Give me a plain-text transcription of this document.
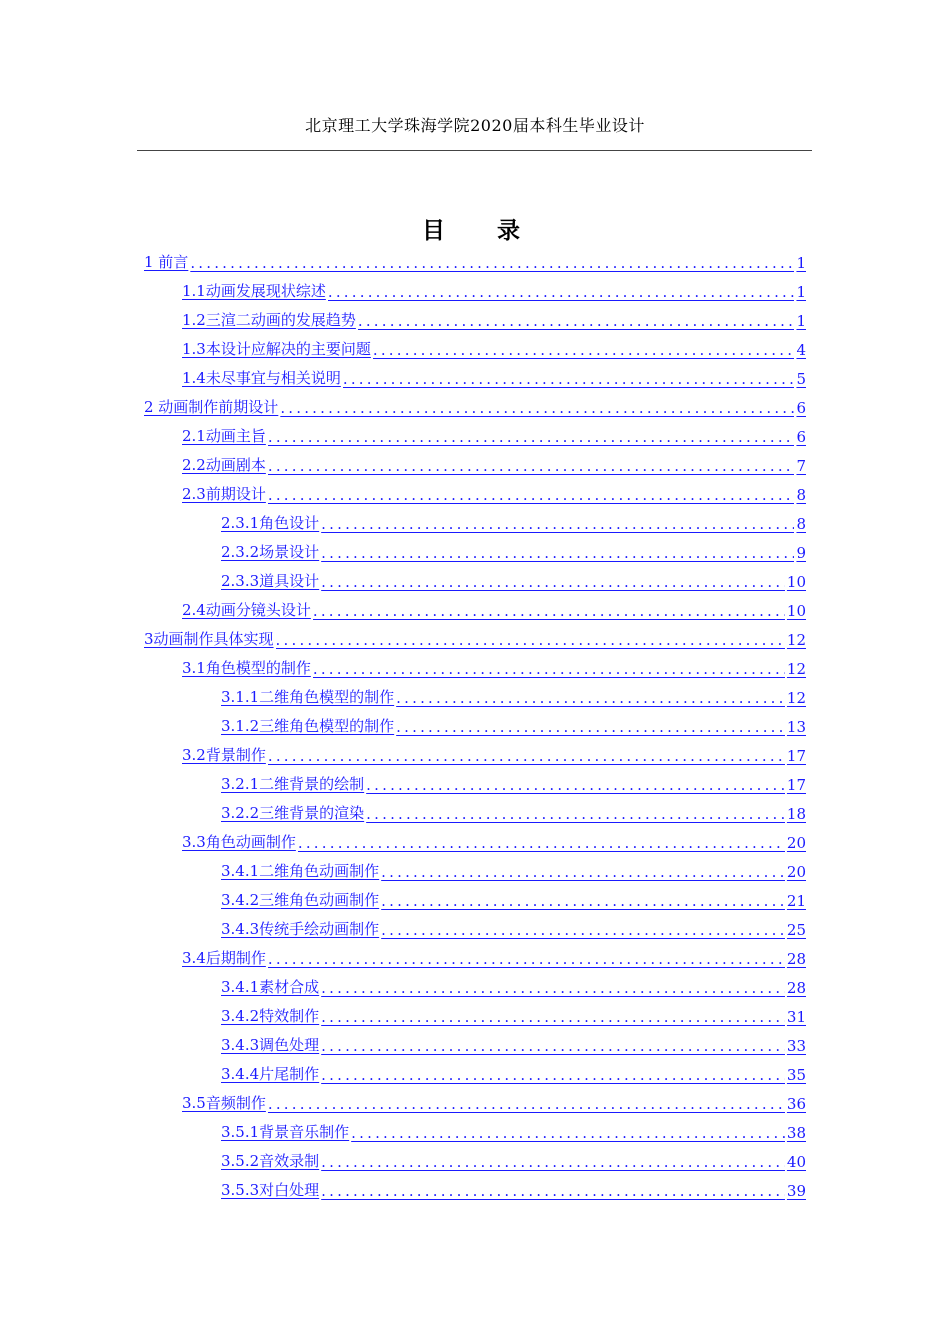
北京理工大学珠海学院2020届本科生毕业设计
目 录
1 前言 .....	1
1.1动画发展现状综述 .....	1
1.2三渲二动画的发展趋势 .....	1
1.3本设计应解决的主要问题 .....	4
1.4未尽事宜与相关说明 .....	5
2 动画制作前期设计 .....	6
2.1动画主旨 .....	6
2.2动画剧本 .....	7
2.3前期设计 .....	8
2.3.1角色设计 .....	8
2.3.2场景设计 .....	9
2.3.3道具设计 .....	10
2.4动画分镜头设计 .....	10
3动画制作具体实现 .....	12
3.1角色模型的制作 .....	12
3.1.1二维角色模型的制作 .....	12
3.1.2三维角色模型的制作 .....	13
3.2背景制作 .....	17
3.2.1二维背景的绘制 .....	17
3.2.2三维背景的渲染 .....	18
3.3角色动画制作 .....	20
3.4.1二维角色动画制作 .....	20
3.4.2三维角色动画制作 .....	21
3.4.3传统手绘动画制作 .....	25
3.4后期制作 .....	28
3.4.1素材合成 .....	28
3.4.2特效制作 .....	31
3.4.3调色处理 .....	33
3.4.4片尾制作 .....	35
3.5音频制作 .....	36
3.5.1背景音乐制作 .....	38
3.5.2音效录制 .....	40
3.5.3对白处理 .....	39
